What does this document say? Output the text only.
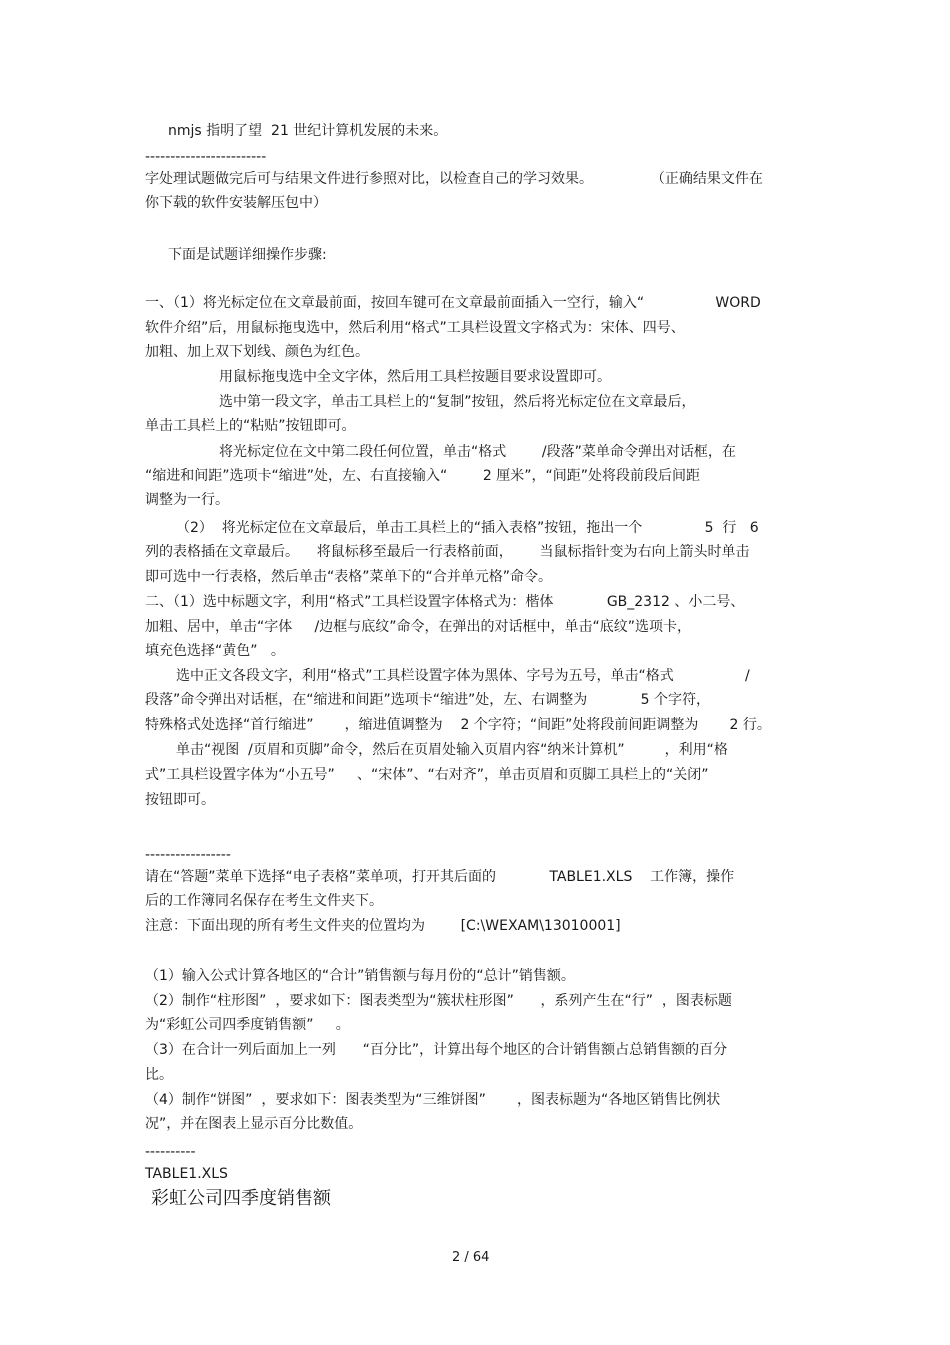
nmjs 指明了望  21 世纪计算机发展的未来。

------------------------

字处理试题做完后可与结果文件进行参照对比，以检查自己的学习效果。             （正确结果文件在

你下载的软件安装解压包中）

下面是试题详细操作步骤:

一、（1）将光标定位在文章最前面，按回车键可在文章最前面插入一空行，输入“                WORD

软件介绍”后，用鼠标拖曳选中，然后利用“格式”工具栏设置文字格式为：宋体、四号、

加粗、加上双下划线、颜色为红色。

用鼠标拖曳选中全文字体，然后用工具栏按题目要求设置即可。

选中第一段文字，单击工具栏上的“复制”按钮，然后将光标定位在文章最后，

单击工具栏上的“粘贴”按钮即可。

将光标定位在文中第二段任何位置，单击“格式        /段落”菜单命令弹出对话框，在

“缩进和间距”选项卡“缩进”处，左、右直接输入“        2 厘米”，“间距”处将段前段后间距

调整为一行。

（2）  将光标定位在文章最后，单击工具栏上的“插入表格”按钮，拖出一个              5  行   6

列的表格插在文章最后。    将鼠标移至最后一行表格前面，      当鼠标指针变为右向上箭头时单击

即可选中一行表格，然后单击“表格”菜单下的“合并单元格”命令。

二、（1）选中标题文字，利用“格式”工具栏设置字体格式为：楷体            GB_2312 、小二号、

加粗、居中，单击“字体     /边框与底纹”命令，在弹出的对话框中，单击“底纹”选项卡，

填充色选择“黄色”   。

选中正文各段文字，利用“格式”工具栏设置字体为黑体、字号为五号，单击“格式                /

段落”命令弹出对话框，在“缩进和间距”选项卡“缩进”处，左、右调整为            5 个字符，

特殊格式处选择“首行缩进”       ，缩进值调整为    2 个字符；“间距”处将段前间距调整为       2 行。

单击“视图  /页眉和页脚”命令，然后在页眉处输入页眉内容“纳米计算机”         ，利用“格

式”工具栏设置字体为“小五号”     、“宋体”、“右对齐”，单击页眉和页脚工具栏上的“关闭”

按钮即可。

-----------------

请在“答题”菜单下选择“电子表格”菜单项，打开其后面的            TABLE1.XLS    工作簿，操作

后的工作簿同名保存在考生文件夹下。

注意：下面出现的所有考生文件夹的位置均为        [C:\WEXAM\13010001]

（1）输入公式计算各地区的“合计”销售额与每月份的“总计”销售额。

（2）制作“柱形图”  ，要求如下：图表类型为“簇状柱形图”      ，系列产生在“行”  ，图表标题

为“彩虹公司四季度销售额”     。

（3）在合计一列后面加上一列      “百分比”，计算出每个地区的合计销售额占总销售额的百分

比。

（4）制作“饼图”  ，要求如下：图表类型为“三维饼图”       ，图表标题为“各地区销售比例状

况”，并在图表上显示百分比数值。

----------

TABLE1.XLS

彩虹公司四季度销售额

2 / 64
